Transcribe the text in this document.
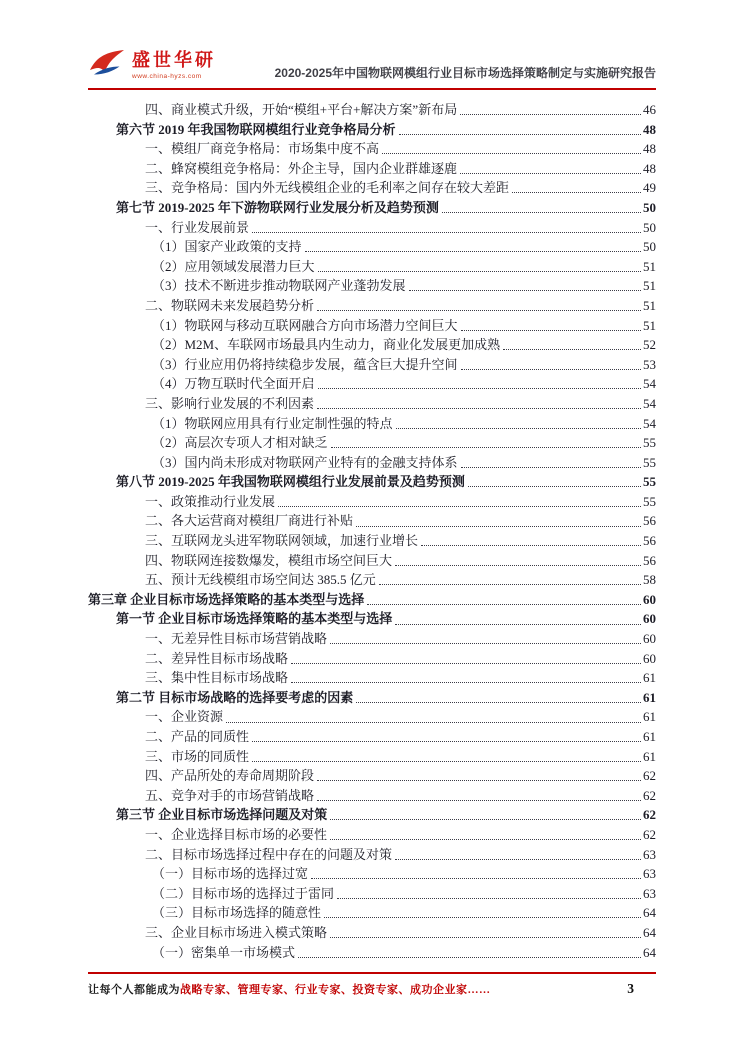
盛世华研
www.china-hyzs.com	2020-2025年中国物联网模组行业目标市场选择策略制定与实施研究报告
四、商业模式升级，开始“模组+平台+解决方案”新布局	46
第六节 2019 年我国物联网模组行业竞争格局分析	48
一、模组厂商竞争格局：市场集中度不高	48
二、蜂窝模组竞争格局：外企主导，国内企业群雄逐鹿	48
三、竞争格局：国内外无线模组企业的毛利率之间存在较大差距	49
第七节 2019-2025 年下游物联网行业发展分析及趋势预测	50
一、行业发展前景	50
（1）国家产业政策的支持	50
（2）应用领域发展潜力巨大	51
（3）技术不断进步推动物联网产业蓬勃发展	51
二、物联网未来发展趋势分析	51
（1）物联网与移动互联网融合方向市场潜力空间巨大	51
（2）M2M、车联网市场最具内生动力，商业化发展更加成熟	52
（3）行业应用仍将持续稳步发展，蕴含巨大提升空间	53
（4）万物互联时代全面开启	54
三、影响行业发展的不利因素	54
（1）物联网应用具有行业定制性强的特点	54
（2）高层次专项人才相对缺乏	55
（3）国内尚未形成对物联网产业特有的金融支持体系	55
第八节 2019-2025 年我国物联网模组行业发展前景及趋势预测	55
一、政策推动行业发展	55
二、各大运营商对模组厂商进行补贴	56
三、互联网龙头进军物联网领域，加速行业增长	56
四、物联网连接数爆发，模组市场空间巨大	56
五、预计无线模组市场空间达 385.5 亿元	58
第三章 企业目标市场选择策略的基本类型与选择	60
第一节 企业目标市场选择策略的基本类型与选择	60
一、无差异性目标市场营销战略	60
二、差异性目标市场战略	60
三、集中性目标市场战略	61
第二节 目标市场战略的选择要考虑的因素	61
一、企业资源	61
二、产品的同质性	61
三、市场的同质性	61
四、产品所处的寿命周期阶段	62
五、竞争对手的市场营销战略	62
第三节 企业目标市场选择问题及对策	62
一、企业选择目标市场的必要性	62
二、目标市场选择过程中存在的问题及对策	63
（一）目标市场的选择过宽	63
（二）目标市场的选择过于雷同	63
（三）目标市场选择的随意性	64
三、企业目标市场进入模式策略	64
（一）密集单一市场模式	64
让每个人都能成为战略专家、管理专家、行业专家、投资专家、成功企业家……	3
